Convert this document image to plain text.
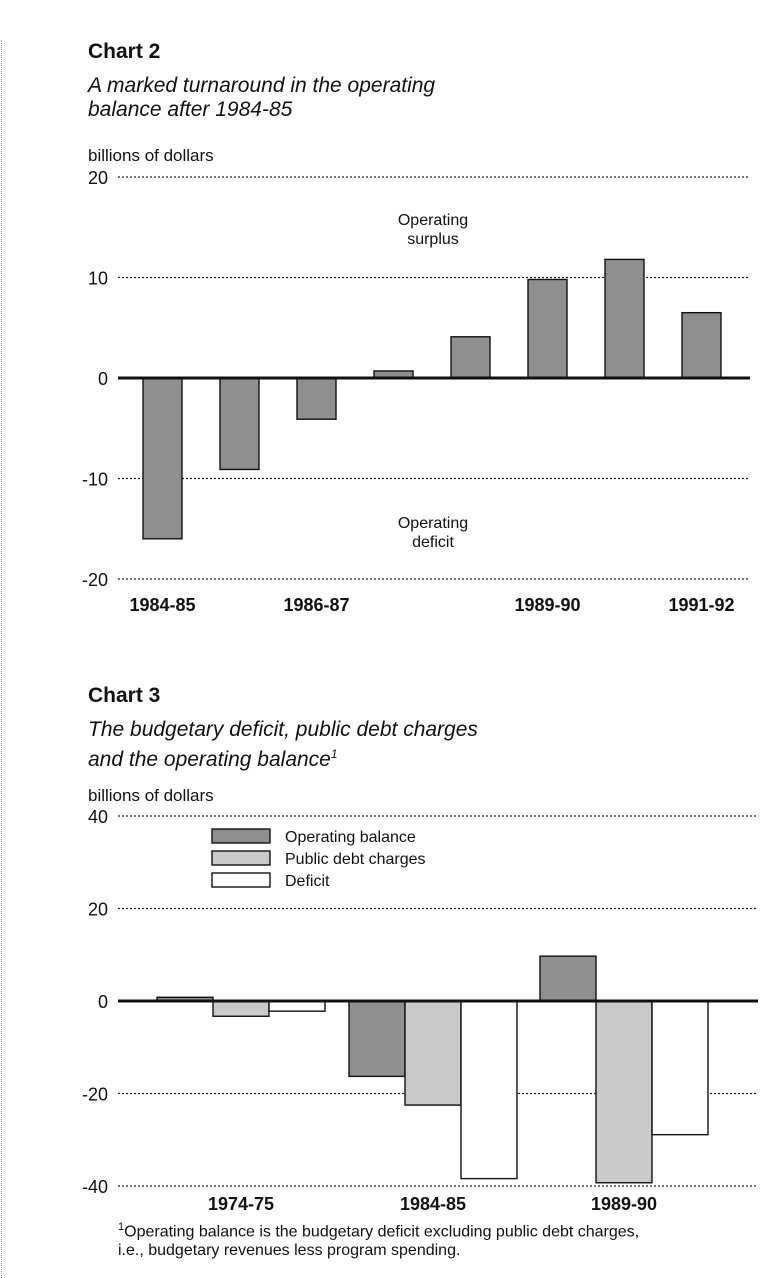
Chart 2
A marked turnaround in the operating
balance after 1984-85
billions of dollars
20
10
0
-10
-20
1984-85	1986-87	1989-90	1991-92
Operating
surplus
Operating
deficit
Chart 3
The budgetary deficit, public debt charges
and the operating balance$^1$
billions of dollars
40
20
0
-20
-40
1974-75	1984-85	1989-90
Operating balance
Public debt charges
Deficit
$^1$Operating balance is the budgetary deficit excluding public debt charges,
i.e., budgetary revenues less program spending.
